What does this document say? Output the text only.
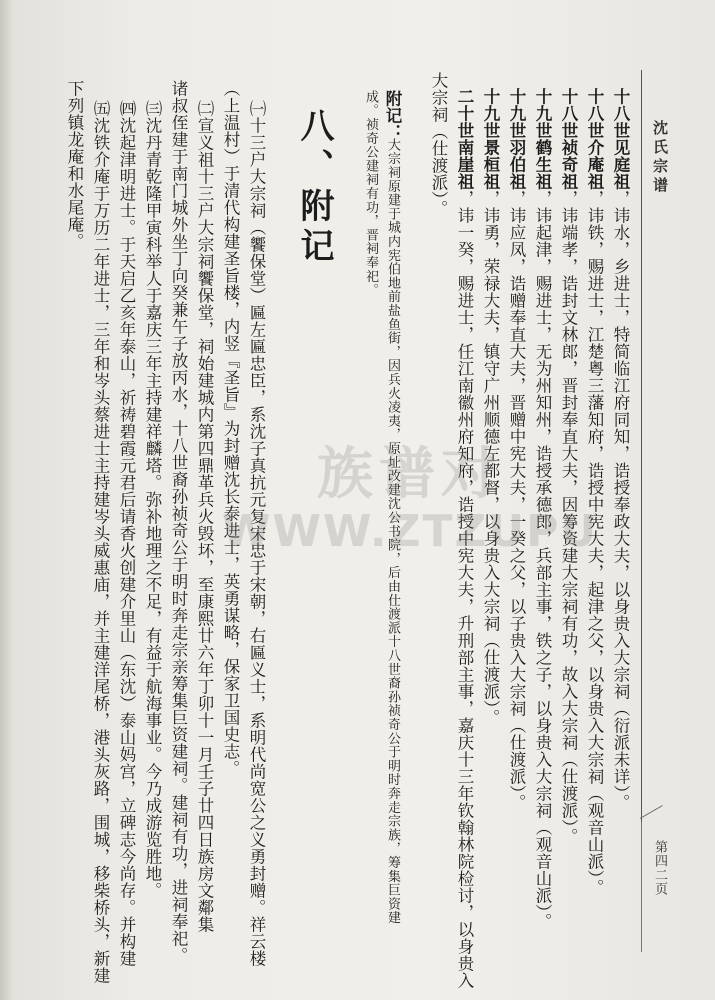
沈氏宗谱
第四二页
十八世见庭祖，讳水，乡进士，特简临江府同知，诰授奉政大夫，以身贵入大宗祠（衍派未详）。
十八世介庵祖，讳铁，赐进士，江楚粤三藩知府，诰授中宪大夫，起津之父，以身贵入大宗祠（观音山派）。
十八世祯奇祖，讳端孝，诰封文林郎，晋封奉直大夫，因筹资建大宗祠有功，故入大宗祠（仕渡派）。
十九世鹤生祖，讳起津，赐进士，无为州知州，诰授承德郎，兵部主事，铁之子，以身贵入大宗祠（观音山派）。
十九世羽伯祖，讳应凤，诰赠奉直大夫，晋赠中宪大夫，一癸之父，以子贵入大宗祠（仕渡派）。
十九世景桓祖，讳勇，荣禄大夫，镇守广州顺德左都督，以身贵入大宗祠（仕渡派）。
二十世南崖祖，讳一癸，赐进士，任江南徽州府知府，诰授中宪大夫，升刑部主事，嘉庆十三年钦翰林院检讨，以身贵入
大宗祠（仕渡派）。
附记：
大宗祠原建于城内宪伯地前盐鱼街，因兵火凌夷，原址改建沈公书院，后由仕渡派十八世裔孙祯奇公于明时奔走宗族，筹集巨资建
成。祯奇公建祠有功，晋祠奉祀。
八、附记
㈠十三户大宗祠（饗保堂）匾左匾忠臣，系沈子真抗元复宋忠于宋朝，右匾义士，系明代尚宽公之义勇封赠。祥云楼
（上温村）于清代构建圣旨楼，内竖『圣旨』为封赠沈长泰进士，英勇谋略，保家卫国史志。
㈡宣义祖十三户大宗祠饗保堂，祠始建城内第四鼎革兵火毁坏，至康熙廿六年丁卯十一月壬子廿四日族房文鄰集
诸叔侄建于南门城外坐丁向癸兼午子放丙水，十八世裔孙祯奇公于明时奔走宗亲筹集巨资建祠。建祠有功，进祠奉祀。
㈢沈丹青乾隆甲寅科举人于嘉庆三年主持建祥麟塔。弥补地理之不足，有益于航海事业。今乃成游览胜地。
㈣沈起津明进士。于天启乙亥年泰山，祈祷碧霞元君后请香火创建介里山（东沈）泰山妈宫，立碑志今尚存。并构建
㈤沈铁介庵于万历二年进士，三年和岑头蔡进士主持建岑头威惠庙，并主建洋尾桥，港头灰路，围城，移柴桥头，新建
下列镇龙庵和水尾庵。
族谱对
WWW.ZTZUPU
